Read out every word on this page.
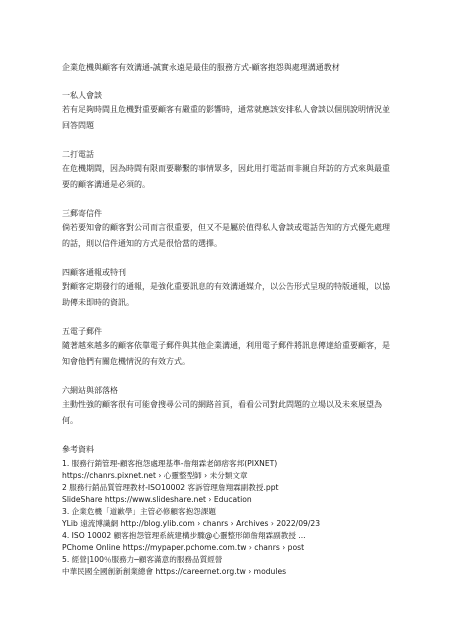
企業危機與顧客有效溝通-誠實永遠是最佳的服務方式-顧客抱怨與處理溝通教材

一私人會談

若有足夠時間且危機對重要顧客有嚴重的影響時，通常就應該安排私人會談以個別說明情況並回答問題

二打電話

在危機期間，因為時間有限而要聯繫的事情眾多，因此用打電話而非親自拜訪的方式來與最重要的顧客溝通是必須的。

三郵寄信件

倘若要知會的顧客對公司而言很重要，但又不是屬於值得私人會談或電話告知的方式優先處理的話，則以信件通知的方式是很恰當的選擇。

四顧客通報或特刊

對顧客定期發行的通報，是強化重要訊息的有效溝通媒介，以公告形式呈現的特版通報，以協助傳未即時的資訊。

五電子郵件

隨著越來越多的顧客依靠電子郵件與其他企業溝通，利用電子郵件將訊息傳達給重要顧客，是知會他們有關危機情況的有效方式。

六網站與部落格

主動性強的顧客很有可能會搜尋公司的網路首頁，看看公司對此問題的立場以及未來展望為何。

參考資料

1. 服務行銷管理-顧客抱怨處理基準-詹翔霖老師痞客邦(PIXNET)

https://chanrs.pixnet.net › 心靈整型師 › 未分類文章

2 服務行銷品質管理教材-ISO10002 客訴管理詹翔霖副教授.ppt

SlideShare https://www.slideshare.net › Education

3. 企業危機「道歉學」主管必修顧客抱怨課題

YLib 遠流博識網 http://blog.ylib.com › chanrs › Archives › 2022/09/23

4. ISO 10002 顧客抱怨管理系統建構步驟@心靈整形師詹翔霖副教授 ...

PChome Online https://mypaper.pchome.com.tw › chanrs › post

5. 經營|100％服務力─顧客滿意的服務品質經營

中華民國全國創新創業總會 https://careernet.org.tw › modules
